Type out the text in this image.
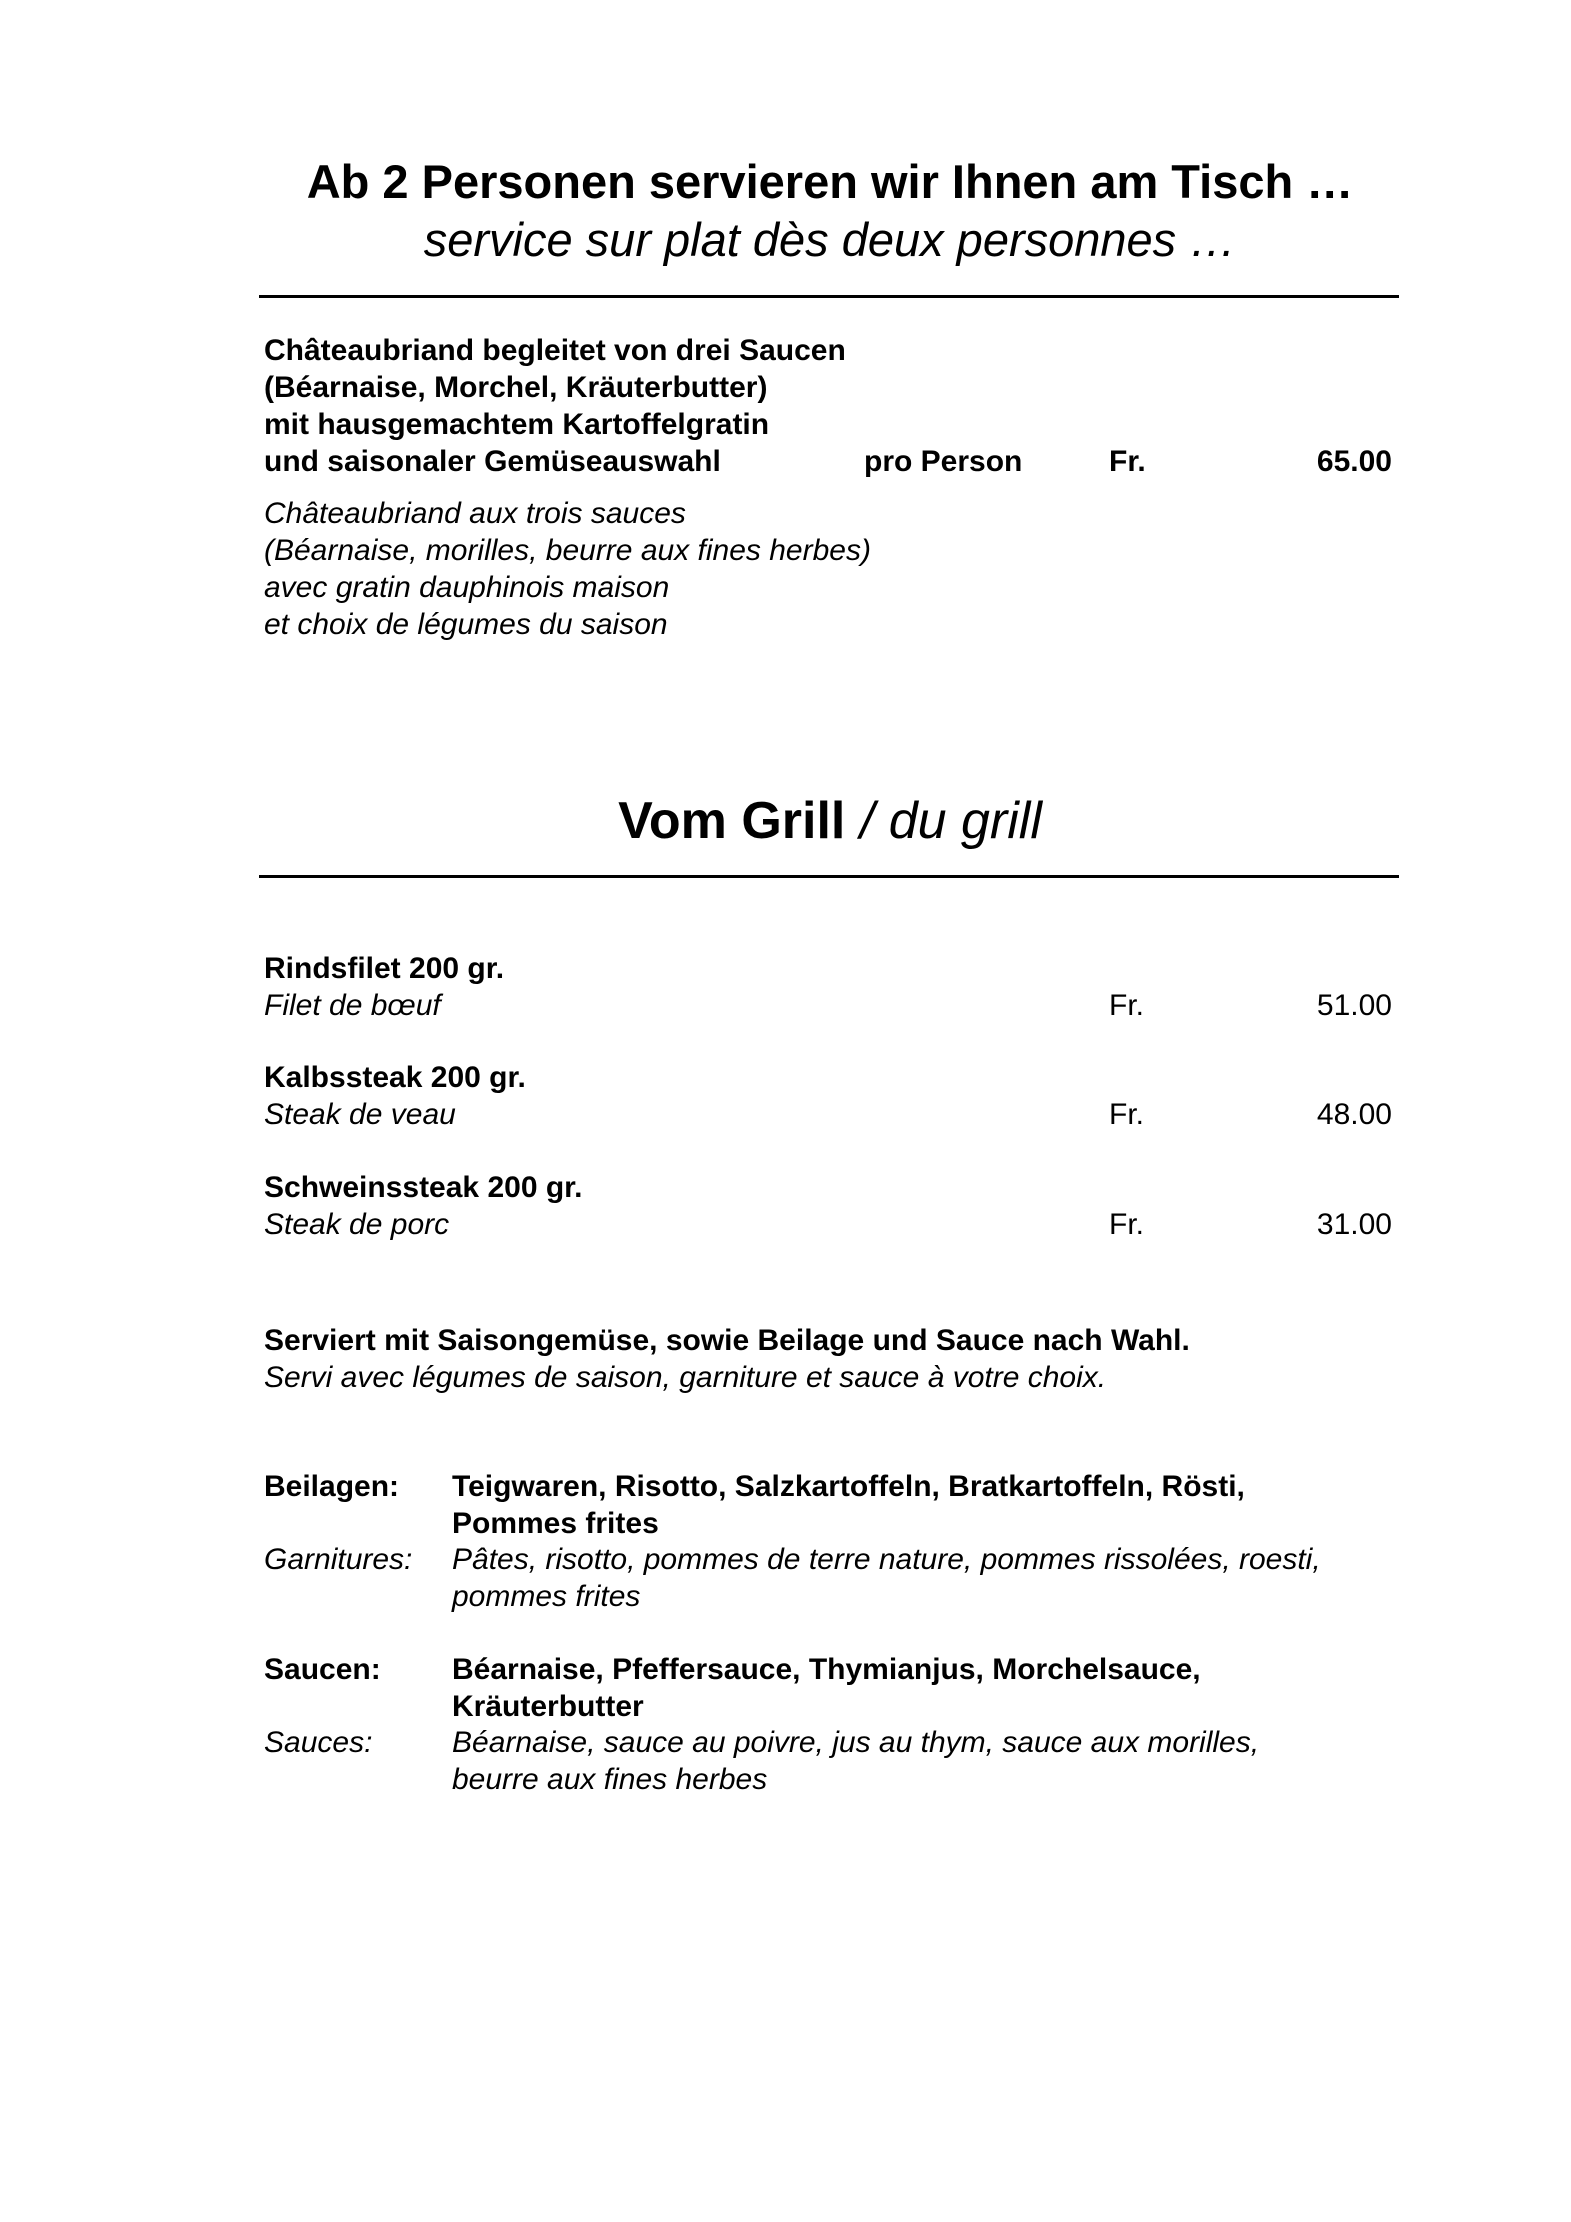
Ab 2 Personen servieren wir Ihnen am Tisch …
service sur plat dès deux personnes …
Châteaubriand begleitet von drei Saucen
(Béarnaise, Morchel, Kräuterbutter)
mit hausgemachtem Kartoffelgratin
und saisonaler Gemüseauswahl	pro Person	Fr.	65.00
Châteaubriand aux trois sauces
(Béarnaise, morilles, beurre aux fines herbes)
avec gratin dauphinois maison
et choix de légumes du saison
Vom Grill / du grill
Rindsfilet 200 gr.
Filet de bœuf	Fr.	51.00
Kalbssteak 200 gr.
Steak de veau	Fr.	48.00
Schweinssteak 200 gr.
Steak de porc	Fr.	31.00
Serviert mit Saisongemüse, sowie Beilage und Sauce nach Wahl.
Servi avec légumes de saison, garniture et sauce à votre choix.
Beilagen: Teigwaren, Risotto, Salzkartoffeln, Bratkartoffeln, Rösti,
Pommes frites
Garnitures: Pâtes, risotto, pommes de terre nature, pommes rissolées, roesti,
pommes frites
Saucen: Béarnaise, Pfeffersauce, Thymianjus, Morchelsauce,
Kräuterbutter
Sauces:	Béarnaise, sauce au poivre, jus au thym, sauce aux morilles,
beurre aux fines herbes
